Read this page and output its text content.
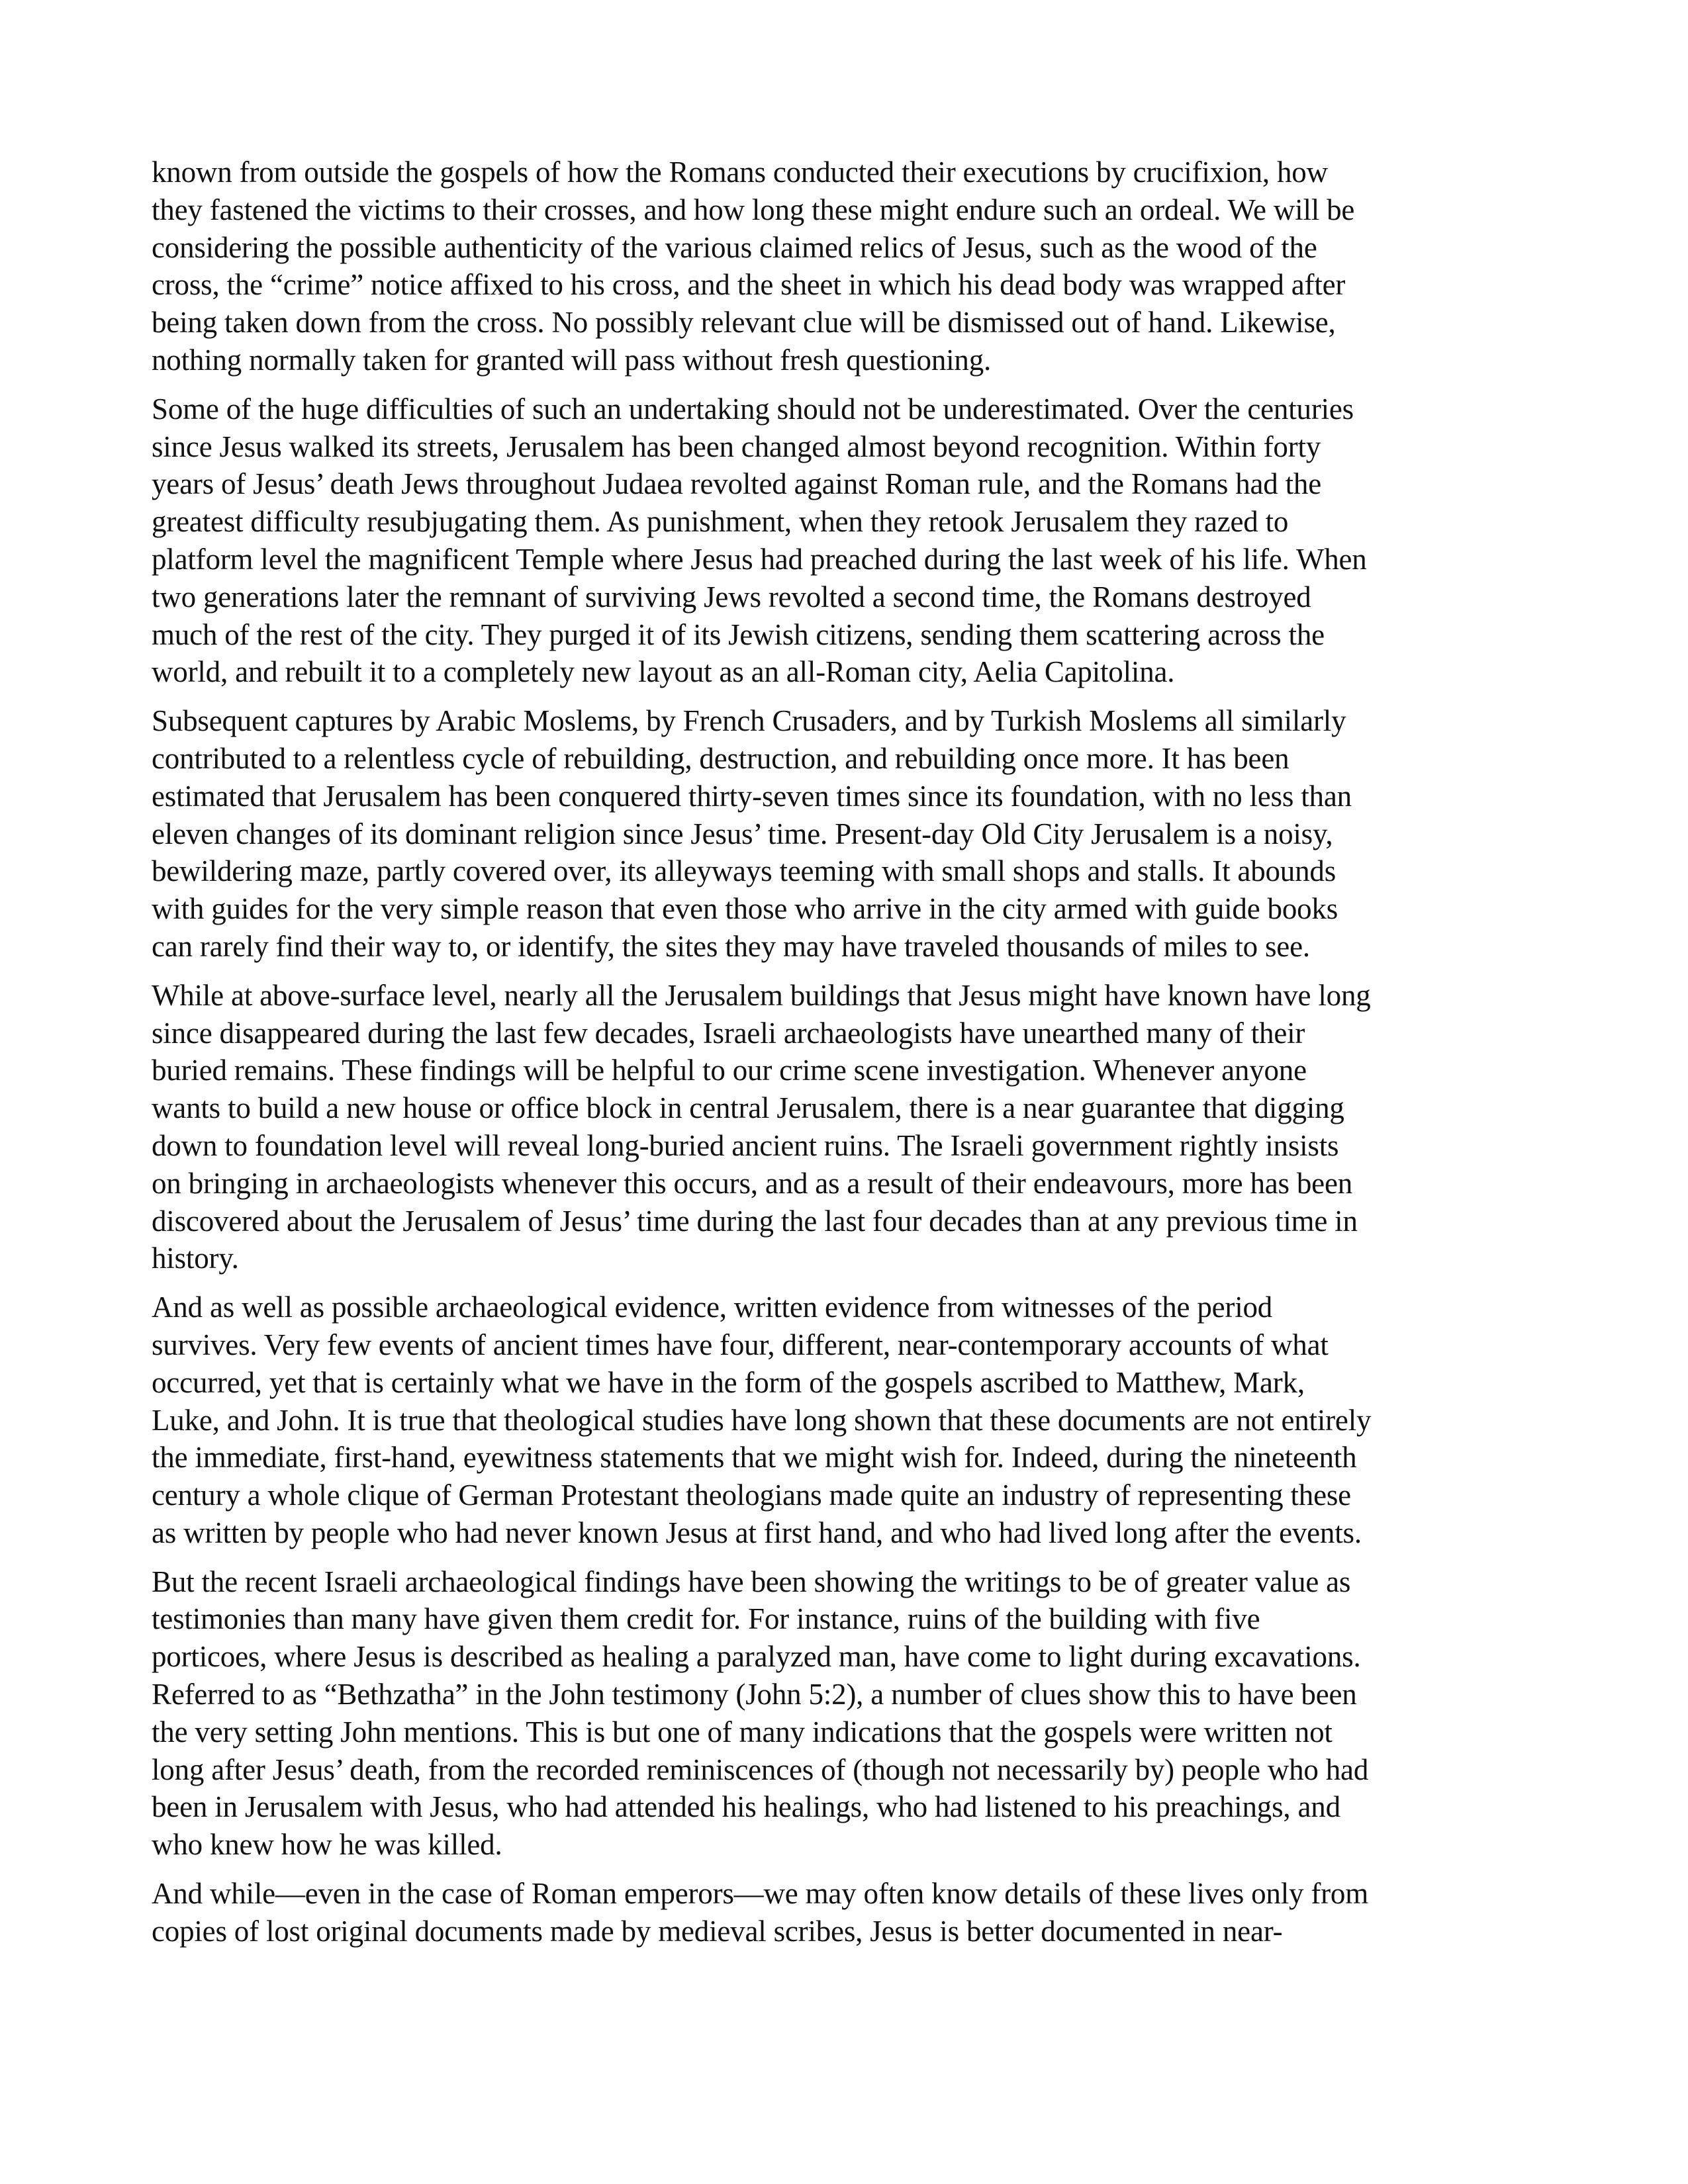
known from outside the gospels of how the Romans conducted their executions by crucifixion, how
they fastened the victims to their crosses, and how long these might endure such an ordeal. We will be
considering the possible authenticity of the various claimed relics of Jesus, such as the wood of the
cross, the “crime” notice affixed to his cross, and the sheet in which his dead body was wrapped after
being taken down from the cross. No possibly relevant clue will be dismissed out of hand. Likewise,
nothing normally taken for granted will pass without fresh questioning.
Some of the huge difficulties of such an undertaking should not be underestimated. Over the centuries
since Jesus walked its streets, Jerusalem has been changed almost beyond recognition. Within forty
years of Jesus’ death Jews throughout Judaea revolted against Roman rule, and the Romans had the
greatest difficulty resubjugating them. As punishment, when they retook Jerusalem they razed to
platform level the magnificent Temple where Jesus had preached during the last week of his life. When
two generations later the remnant of surviving Jews revolted a second time, the Romans destroyed
much of the rest of the city. They purged it of its Jewish citizens, sending them scattering across the
world, and rebuilt it to a completely new layout as an all-Roman city, Aelia Capitolina.
Subsequent captures by Arabic Moslems, by French Crusaders, and by Turkish Moslems all similarly
contributed to a relentless cycle of rebuilding, destruction, and rebuilding once more. It has been
estimated that Jerusalem has been conquered thirty-seven times since its foundation, with no less than
eleven changes of its dominant religion since Jesus’ time. Present-day Old City Jerusalem is a noisy,
bewildering maze, partly covered over, its alleyways teeming with small shops and stalls. It abounds
with guides for the very simple reason that even those who arrive in the city armed with guide books
can rarely find their way to, or identify, the sites they may have traveled thousands of miles to see.
While at above-surface level, nearly all the Jerusalem buildings that Jesus might have known have long
since disappeared during the last few decades, Israeli archaeologists have unearthed many of their
buried remains. These findings will be helpful to our crime scene investigation. Whenever anyone
wants to build a new house or office block in central Jerusalem, there is a near guarantee that digging
down to foundation level will reveal long-buried ancient ruins. The Israeli government rightly insists
on bringing in archaeologists whenever this occurs, and as a result of their endeavours, more has been
discovered about the Jerusalem of Jesus’ time during the last four decades than at any previous time in
history.
And as well as possible archaeological evidence, written evidence from witnesses of the period
survives. Very few events of ancient times have four, different, near-contemporary accounts of what
occurred, yet that is certainly what we have in the form of the gospels ascribed to Matthew, Mark,
Luke, and John. It is true that theological studies have long shown that these documents are not entirely
the immediate, first-hand, eyewitness statements that we might wish for. Indeed, during the nineteenth
century a whole clique of German Protestant theologians made quite an industry of representing these
as written by people who had never known Jesus at first hand, and who had lived long after the events.
But the recent Israeli archaeological findings have been showing the writings to be of greater value as
testimonies than many have given them credit for. For instance, ruins of the building with five
porticoes, where Jesus is described as healing a paralyzed man, have come to light during excavations.
Referred to as “Bethzatha” in the John testimony (John 5:2), a number of clues show this to have been
the very setting John mentions. This is but one of many indications that the gospels were written not
long after Jesus’ death, from the recorded reminiscences of (though not necessarily by) people who had
been in Jerusalem with Jesus, who had attended his healings, who had listened to his preachings, and
who knew how he was killed.
And while—even in the case of Roman emperors—we may often know details of these lives only from
copies of lost original documents made by medieval scribes, Jesus is better documented in near-
